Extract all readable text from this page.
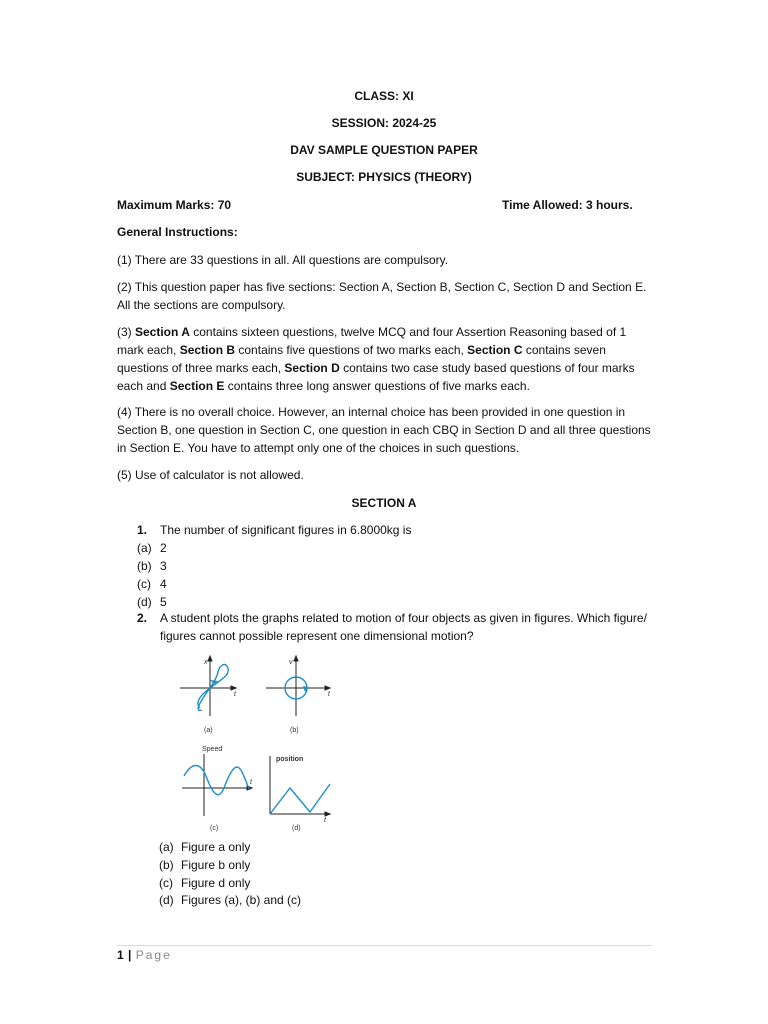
CLASS: XI
SESSION: 2024-25
DAV SAMPLE QUESTION PAPER
SUBJECT: PHYSICS (THEORY)
Maximum Marks: 70	Time Allowed: 3 hours.
General Instructions:
(1) There are 33 questions in all. All questions are compulsory.
(2) This question paper has five sections: Section A, Section B, Section C, Section D and Section E. All the sections are compulsory.
(3) Section A contains sixteen questions, twelve MCQ and four Assertion Reasoning based of 1 mark each, Section B contains five questions of two marks each, Section C contains seven questions of three marks each, Section D contains two case study based questions of four marks each and Section E contains three long answer questions of five marks each.
(4) There is no overall choice. However, an internal choice has been provided in one question in Section B, one question in Section C, one question in each CBQ in Section D and all three questions in Section E. You have to attempt only one of the choices in such questions.
(5) Use of calculator is not allowed.
SECTION A
1.	The number of significant figures in 6.8000kg is
(a) 2
(b) 3
(c) 4
(d) 5
2.	A student plots the graphs related to motion of four objects as given in figures. Which figure/ figures cannot possible represent one dimensional motion?
x
t
(a)
v
t
(b)
Speed
t
(c)
position
t
(d)
(a) Figure a only
(b) Figure b only
(c) Figure d only
(d) Figures (a), (b) and (c)
1 | Page
